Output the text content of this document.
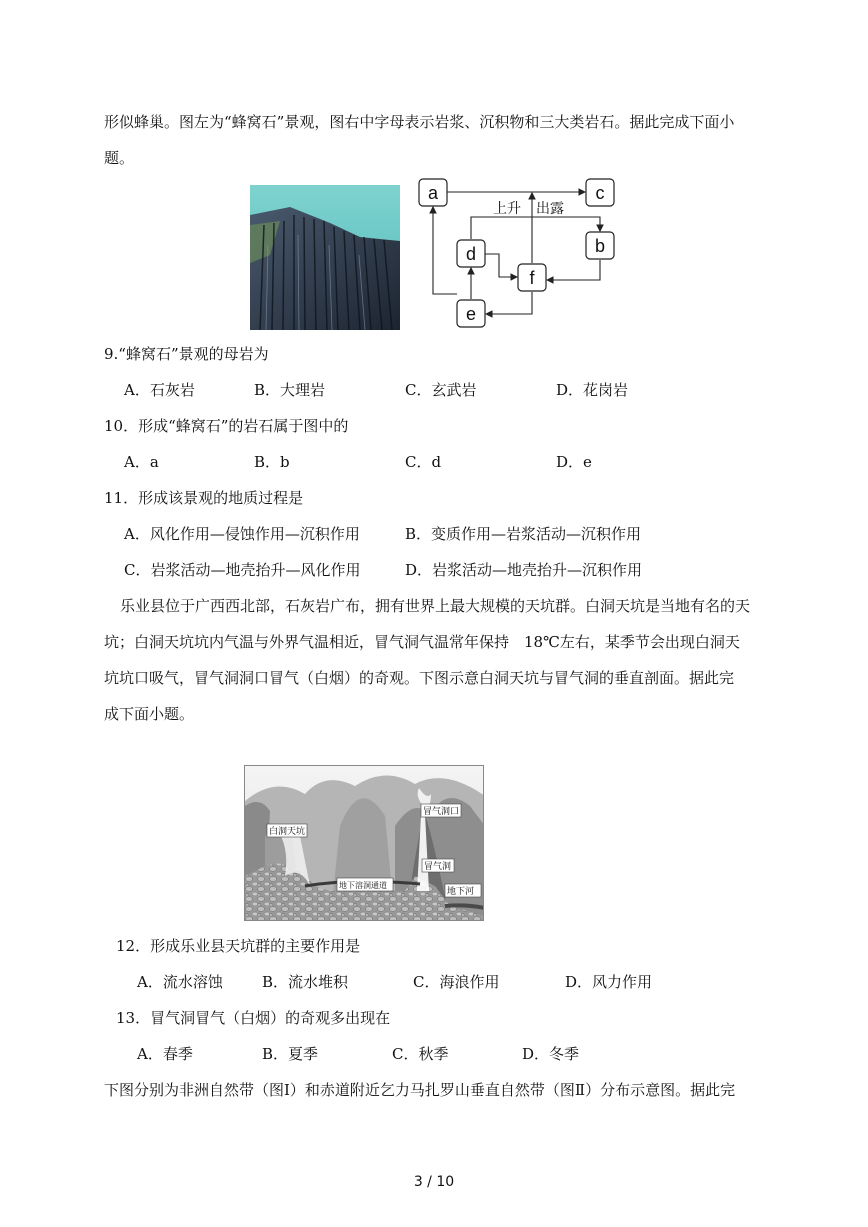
形似蜂巢。图左为“蜂窝石”景观，图右中字母表示岩浆、沉积物和三大类岩石。据此完成下面小
题。
a	c
b
d
f
e
上升 出露
9.“蜂窝石”景观的母岩为
A．石灰岩	B．大理岩	C．玄武岩	D．花岗岩
10．形成“蜂窝石”的岩石属于图中的
A．a	B．b	C．d	D．e
11．形成该景观的地质过程是
A．风化作用—侵蚀作用—沉积作用	B．变质作用—岩浆活动—沉积作用
C．岩浆活动—地壳抬升—风化作用	D．岩浆活动—地壳抬升—沉积作用
乐业县位于广西西北部，石灰岩广布，拥有世界上最大规模的天坑群。白洞天坑是当地有名的天
坑；白洞天坑坑内气温与外界气温相近，冒气洞气温常年保持　18℃左右，某季节会出现白洞天
坑坑口吸气，冒气洞洞口冒气（白烟）的奇观。下图示意白洞天坑与冒气洞的垂直剖面。据此完
成下面小题。
白洞天坑
冒气洞口
冒气洞
地下溶洞通道
地下河
12．形成乐业县天坑群的主要作用是
A．流水溶蚀	B．流水堆积	C．海浪作用	D．风力作用
13．冒气洞冒气（白烟）的奇观多出现在
A．春季	B．夏季	C．秋季	D．冬季
下图分别为非洲自然带（图Ⅰ）和赤道附近乞力马扎罗山垂直自然带（图Ⅱ）分布示意图。据此完
3 / 10
